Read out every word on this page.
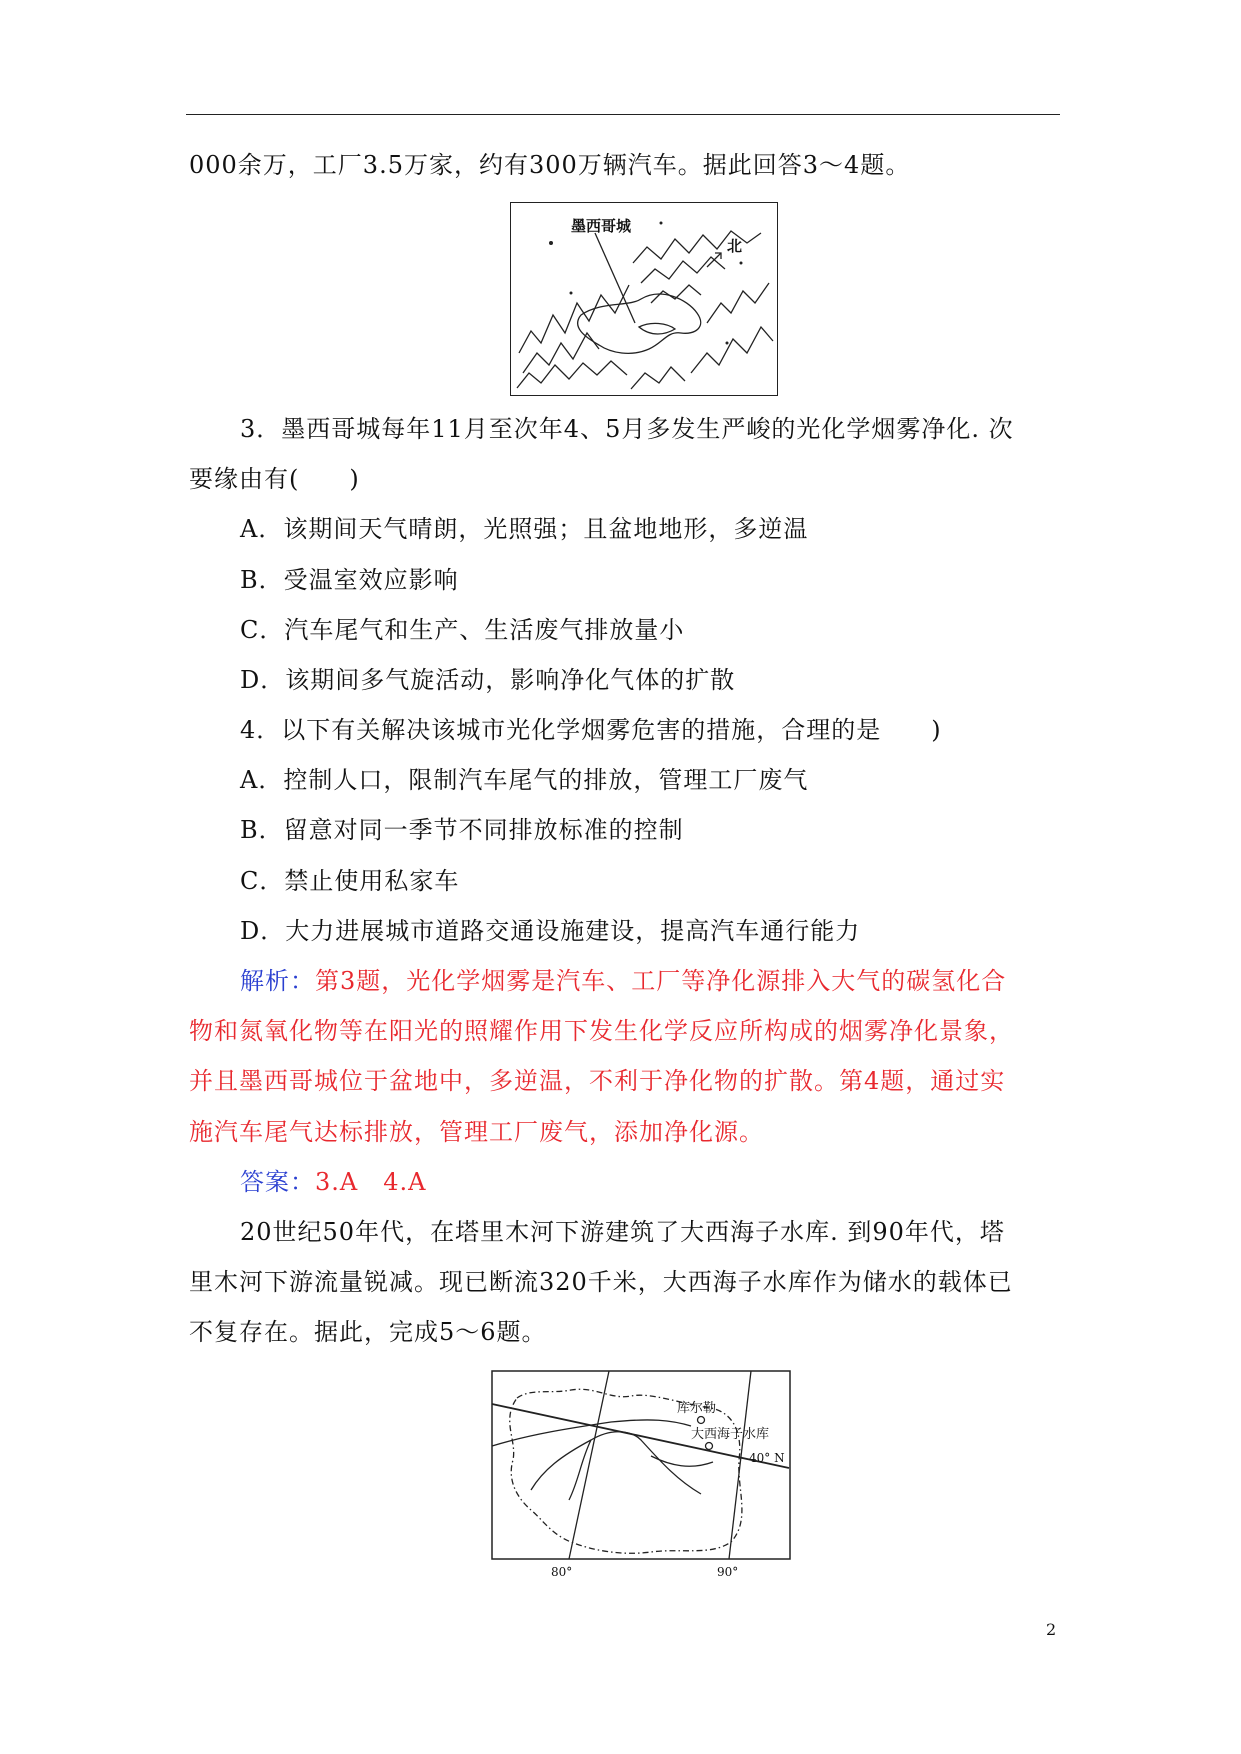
000余万，工厂3.5万家，约有300万辆汽车。据此回答3～4题。
墨西哥城
北
3．墨西哥城每年11月至次年4、5月多发生严峻的光化学烟雾净化. 次
要缘由有(　　)
A．该期间天气晴朗，光照强；且盆地地形，多逆温
B．受温室效应影响
C．汽车尾气和生产、生活废气排放量小
D．该期间多气旋活动，影响净化气体的扩散
4．以下有关解决该城市光化学烟雾危害的措施，合理的是　　)
A．控制人口，限制汽车尾气的排放，管理工厂废气
B．留意对同一季节不同排放标准的控制
C．禁止使用私家车
D．大力进展城市道路交通设施建设，提高汽车通行能力
解析：第3题，光化学烟雾是汽车、工厂等净化源排入大气的碳氢化合
物和氮氧化物等在阳光的照耀作用下发生化学反应所构成的烟雾净化景象，
并且墨西哥城位于盆地中，多逆温，不利于净化物的扩散。第4题，通过实
施汽车尾气达标排放，管理工厂废气，添加净化源。
答案：3.A　4.A
20世纪50年代，在塔里木河下游建筑了大西海子水库. 到90年代，塔
里木河下游流量锐减。现已断流320千米，大西海子水库作为储水的载体已
不复存在。据此，完成5～6题。
库尔勒
大西海子水库
40° N
80°	90°
2
